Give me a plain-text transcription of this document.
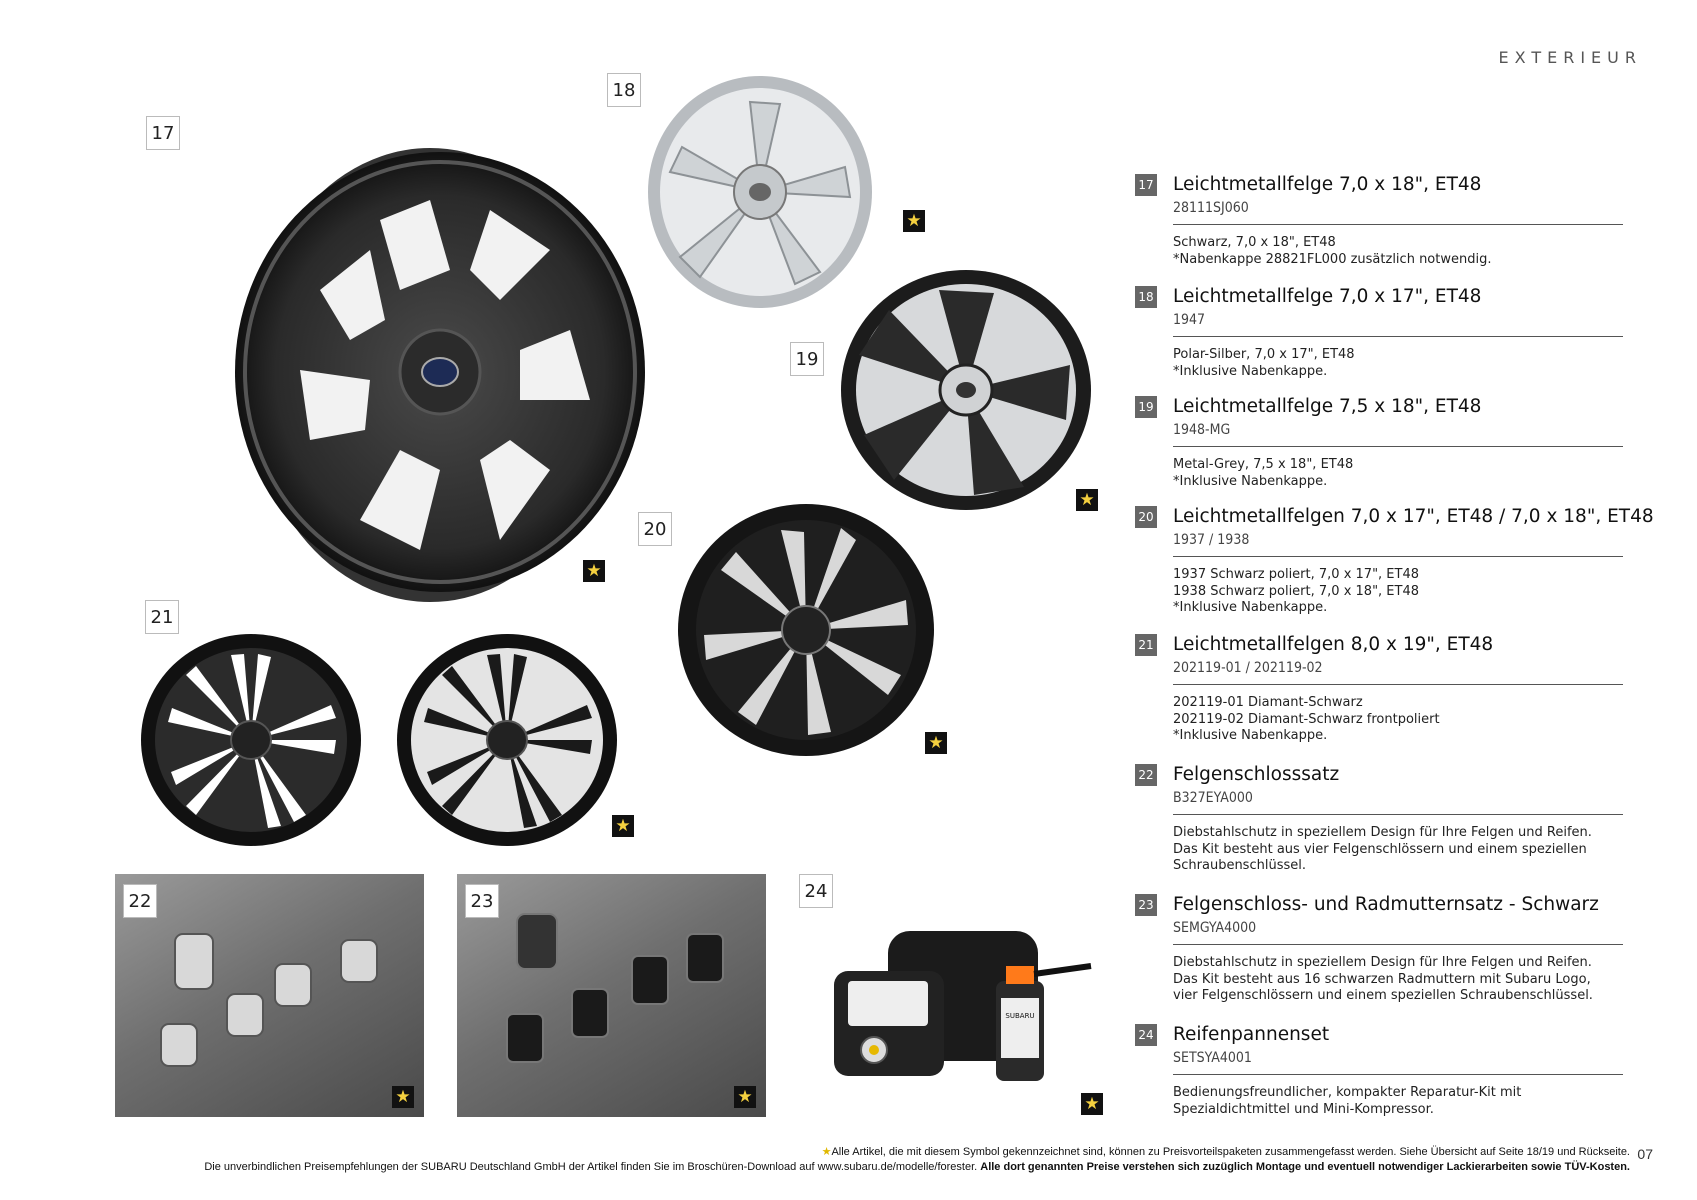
EXTERIEUR
17
★
18
★
19
★
20
★
21
★
22
★
23
★
SUBARU
24
★
17	Leichtmetallfelge 7,0 x 18", ET48
28111SJ060
Schwarz, 7,0 x 18", ET48
*Nabenkappe 28821FL000 zusätzlich notwendig.
18	Leichtmetallfelge 7,0 x 17", ET48
1947
Polar-Silber, 7,0 x 17", ET48
*Inklusive Nabenkappe.
19	Leichtmetallfelge 7,5 x 18", ET48
1948-MG
Metal-Grey, 7,5 x 18", ET48
*Inklusive Nabenkappe.
20	Leichtmetallfelgen 7,0 x 17", ET48 / 7,0 x 18", ET48
1937 / 1938
1937 Schwarz poliert, 7,0 x 17", ET48
1938 Schwarz poliert, 7,0 x 18", ET48
*Inklusive Nabenkappe.
21	Leichtmetallfelgen 8,0 x 19", ET48
202119-01 / 202119-02
202119-01 Diamant-Schwarz
202119-02 Diamant-Schwarz frontpoliert
*Inklusive Nabenkappe.
22	Felgenschlosssatz
B327EYA000
Diebstahlschutz in speziellem Design für Ihre Felgen und Reifen.
Das Kit besteht aus vier Felgenschlössern und einem speziellen
Schraubenschlüssel.
23	Felgenschloss- und Radmutternsatz - Schwarz
SEMGYA4000
Diebstahlschutz in speziellem Design für Ihre Felgen und Reifen.
Das Kit besteht aus 16 schwarzen Radmuttern mit Subaru Logo,
vier Felgenschlössern und einem speziellen Schraubenschlüssel.
24	Reifenpannenset
SETSYA4001
Bedienungsfreundlicher, kompakter Reparatur-Kit mit
Spezialdichtmittel und Mini-Kompressor.
★Alle Artikel, die mit diesem Symbol gekennzeichnet sind, können zu Preisvorteilspaketen zusammengefasst werden. Siehe Übersicht auf Seite 18/19 und Rückseite.
Die unverbindlichen Preisempfehlungen der SUBARU Deutschland GmbH der Artikel finden Sie im Broschüren-Download auf www.subaru.de/modelle/forester. Alle dort genannten Preise verstehen sich zuzüglich Montage und eventuell notwendiger Lackierarbeiten sowie TÜV-Kosten.
07
